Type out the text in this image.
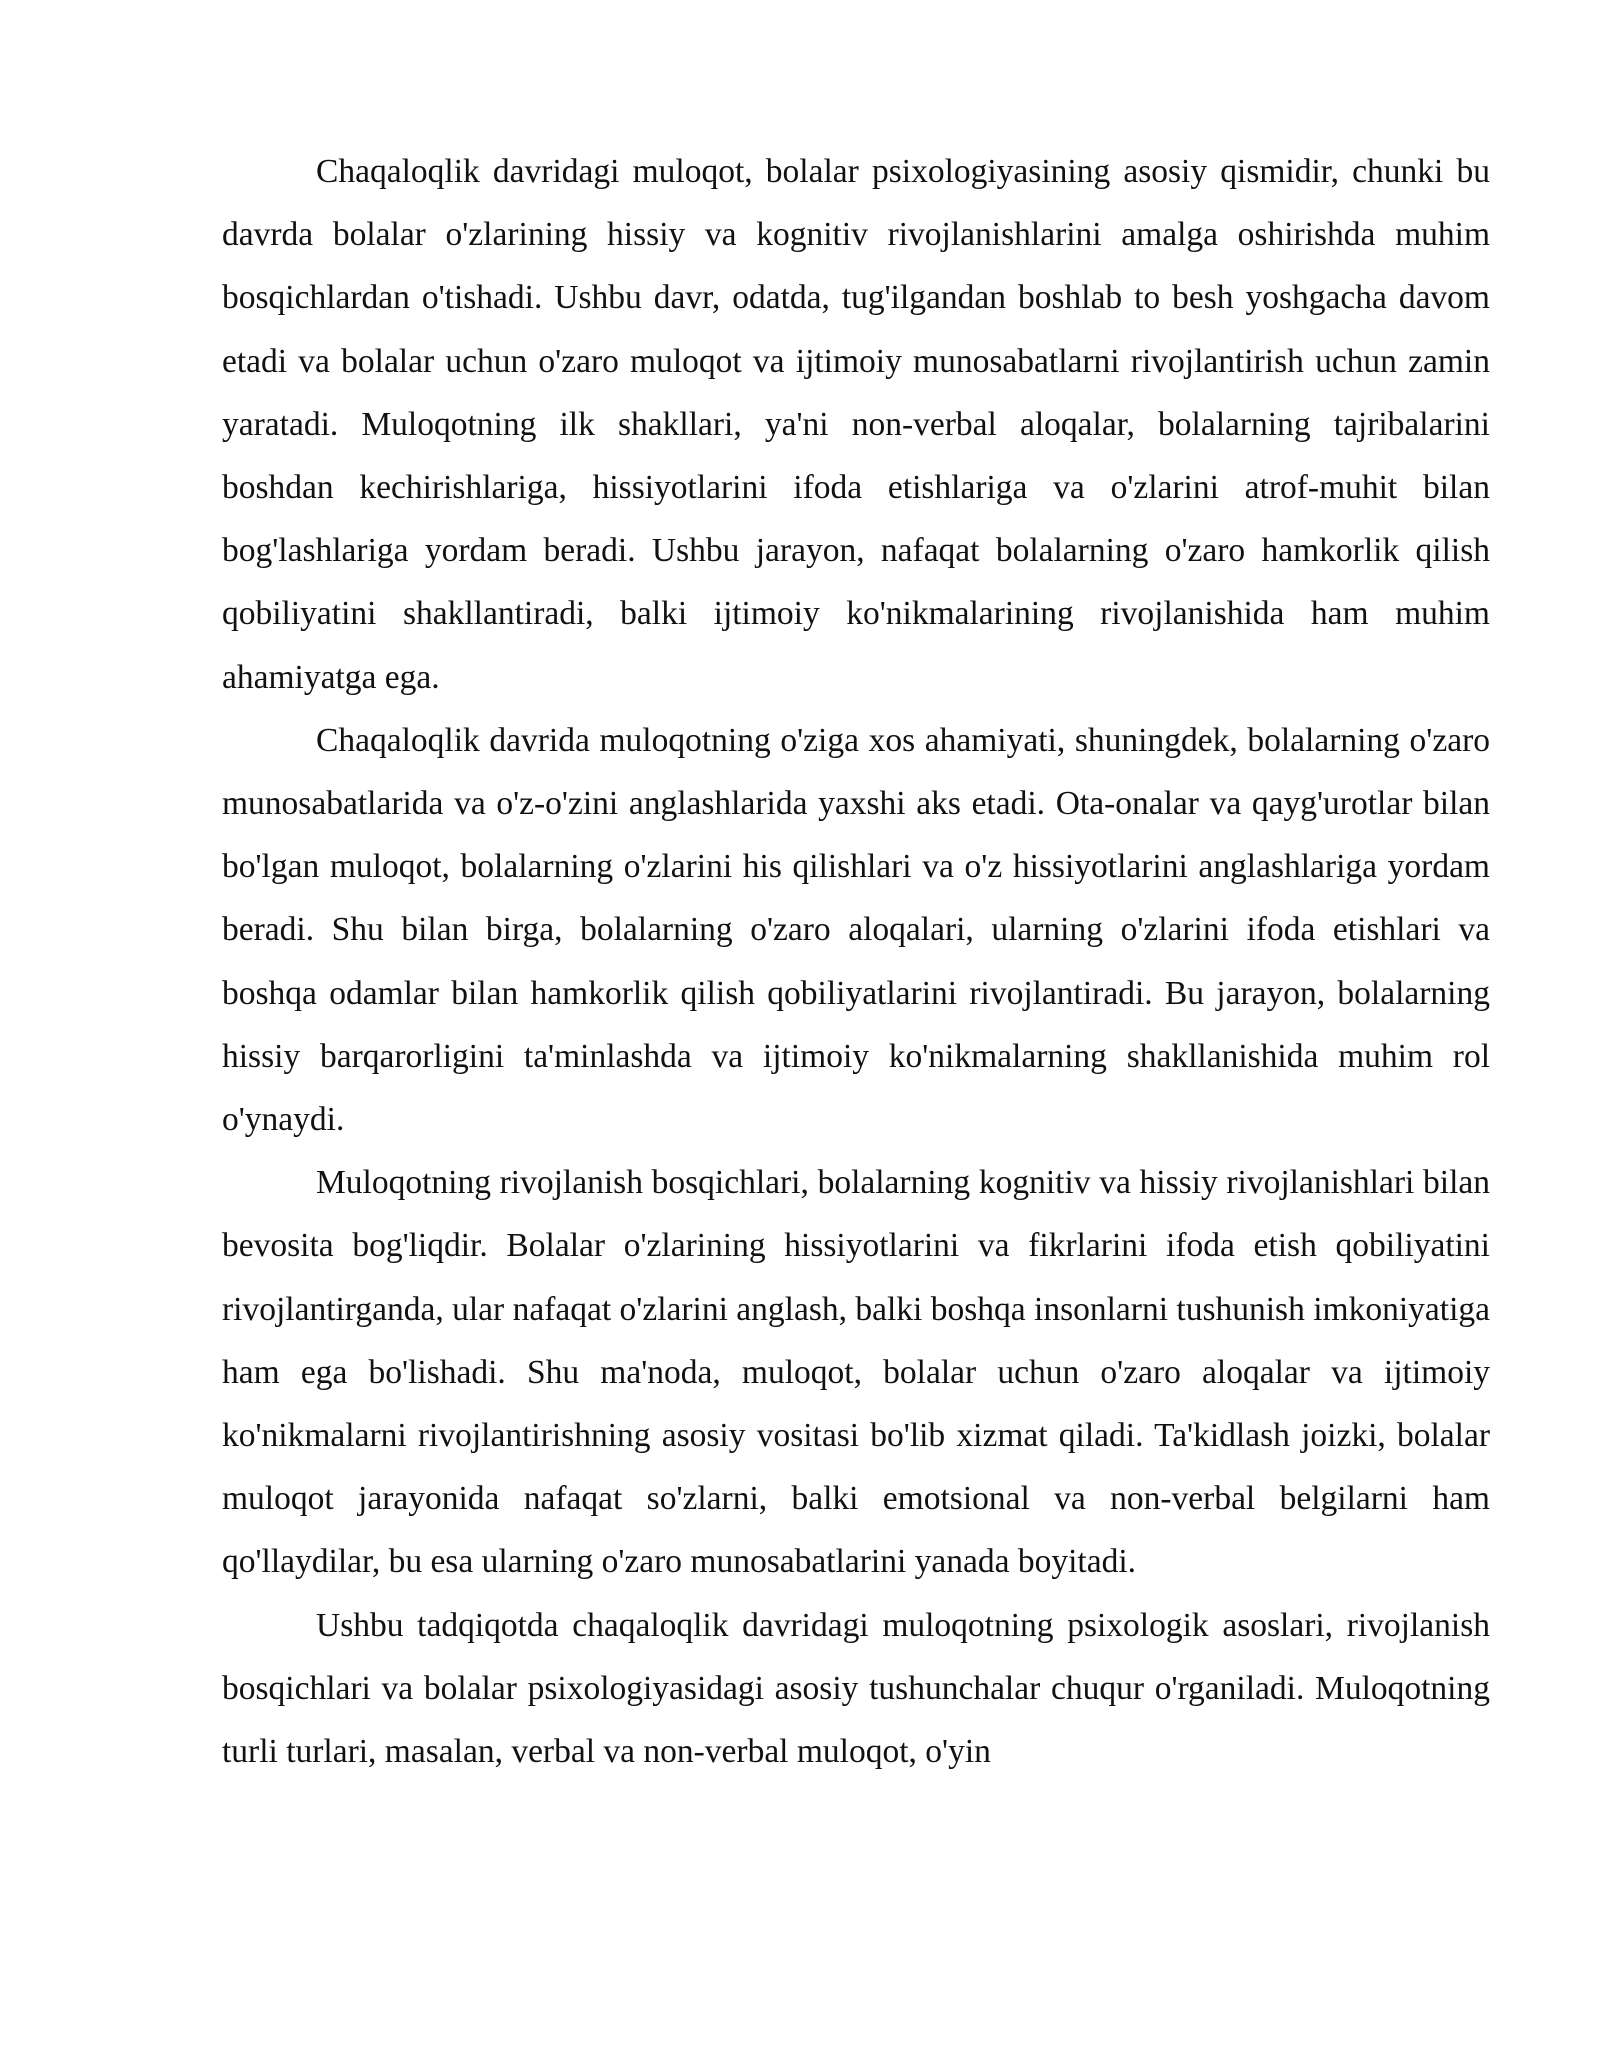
Chaqaloqlik davridagi muloqot, bolalar psixologiyasining asosiy qismidir, chunki bu davrda bolalar o'zlarining hissiy va kognitiv rivojlanishlarini amalga oshirishda muhim bosqichlardan o'tishadi. Ushbu davr, odatda, tug'ilgandan boshlab to besh yoshgacha davom etadi va bolalar uchun o'zaro muloqot va ijtimoiy munosabatlarni rivojlantirish uchun zamin yaratadi. Muloqotning ilk shakllari, ya'ni non-verbal aloqalar, bolalarning tajribalarini boshdan kechirishlariga, hissiyotlarini ifoda etishlariga va o'zlarini atrof-muhit bilan bog'lashlariga yordam beradi. Ushbu jarayon, nafaqat bolalarning o'zaro hamkorlik qilish qobiliyatini shakllantiradi, balki ijtimoiy ko'nikmalarining rivojlanishida ham muhim ahamiyatga ega.

Chaqaloqlik davrida muloqotning o'ziga xos ahamiyati, shuningdek, bolalarning o'zaro munosabatlarida va o'z-o'zini anglashlarida yaxshi aks etadi. Ota-onalar va qayg'urotlar bilan bo'lgan muloqot, bolalarning o'zlarini his qilishlari va o'z hissiyotlarini anglashlariga yordam beradi. Shu bilan birga, bolalarning o'zaro aloqalari, ularning o'zlarini ifoda etishlari va boshqa odamlar bilan hamkorlik qilish qobiliyatlarini rivojlantiradi. Bu jarayon, bolalarning hissiy barqarorligini ta'minlashda va ijtimoiy ko'nikmalarning shakllanishida muhim rol o'ynaydi.

Muloqotning rivojlanish bosqichlari, bolalarning kognitiv va hissiy rivojlanishlari bilan bevosita bog'liqdir. Bolalar o'zlarining hissiyotlarini va fikrlarini ifoda etish qobiliyatini rivojlantirganda, ular nafaqat o'zlarini anglash, balki boshqa insonlarni tushunish imkoniyatiga ham ega bo'lishadi. Shu ma'noda, muloqot, bolalar uchun o'zaro aloqalar va ijtimoiy ko'nikmalarni rivojlantirishning asosiy vositasi bo'lib xizmat qiladi. Ta'kidlash joizki, bolalar muloqot jarayonida nafaqat so'zlarni, balki emotsional va non-verbal belgilarni ham qo'llaydilar, bu esa ularning o'zaro munosabatlarini yanada boyitadi.

Ushbu tadqiqotda chaqaloqlik davridagi muloqotning psixologik asoslari, rivojlanish bosqichlari va bolalar psixologiyasidagi asosiy tushunchalar chuqur o'rganiladi. Muloqotning turli turlari, masalan, verbal va non-verbal muloqot, o'yin
